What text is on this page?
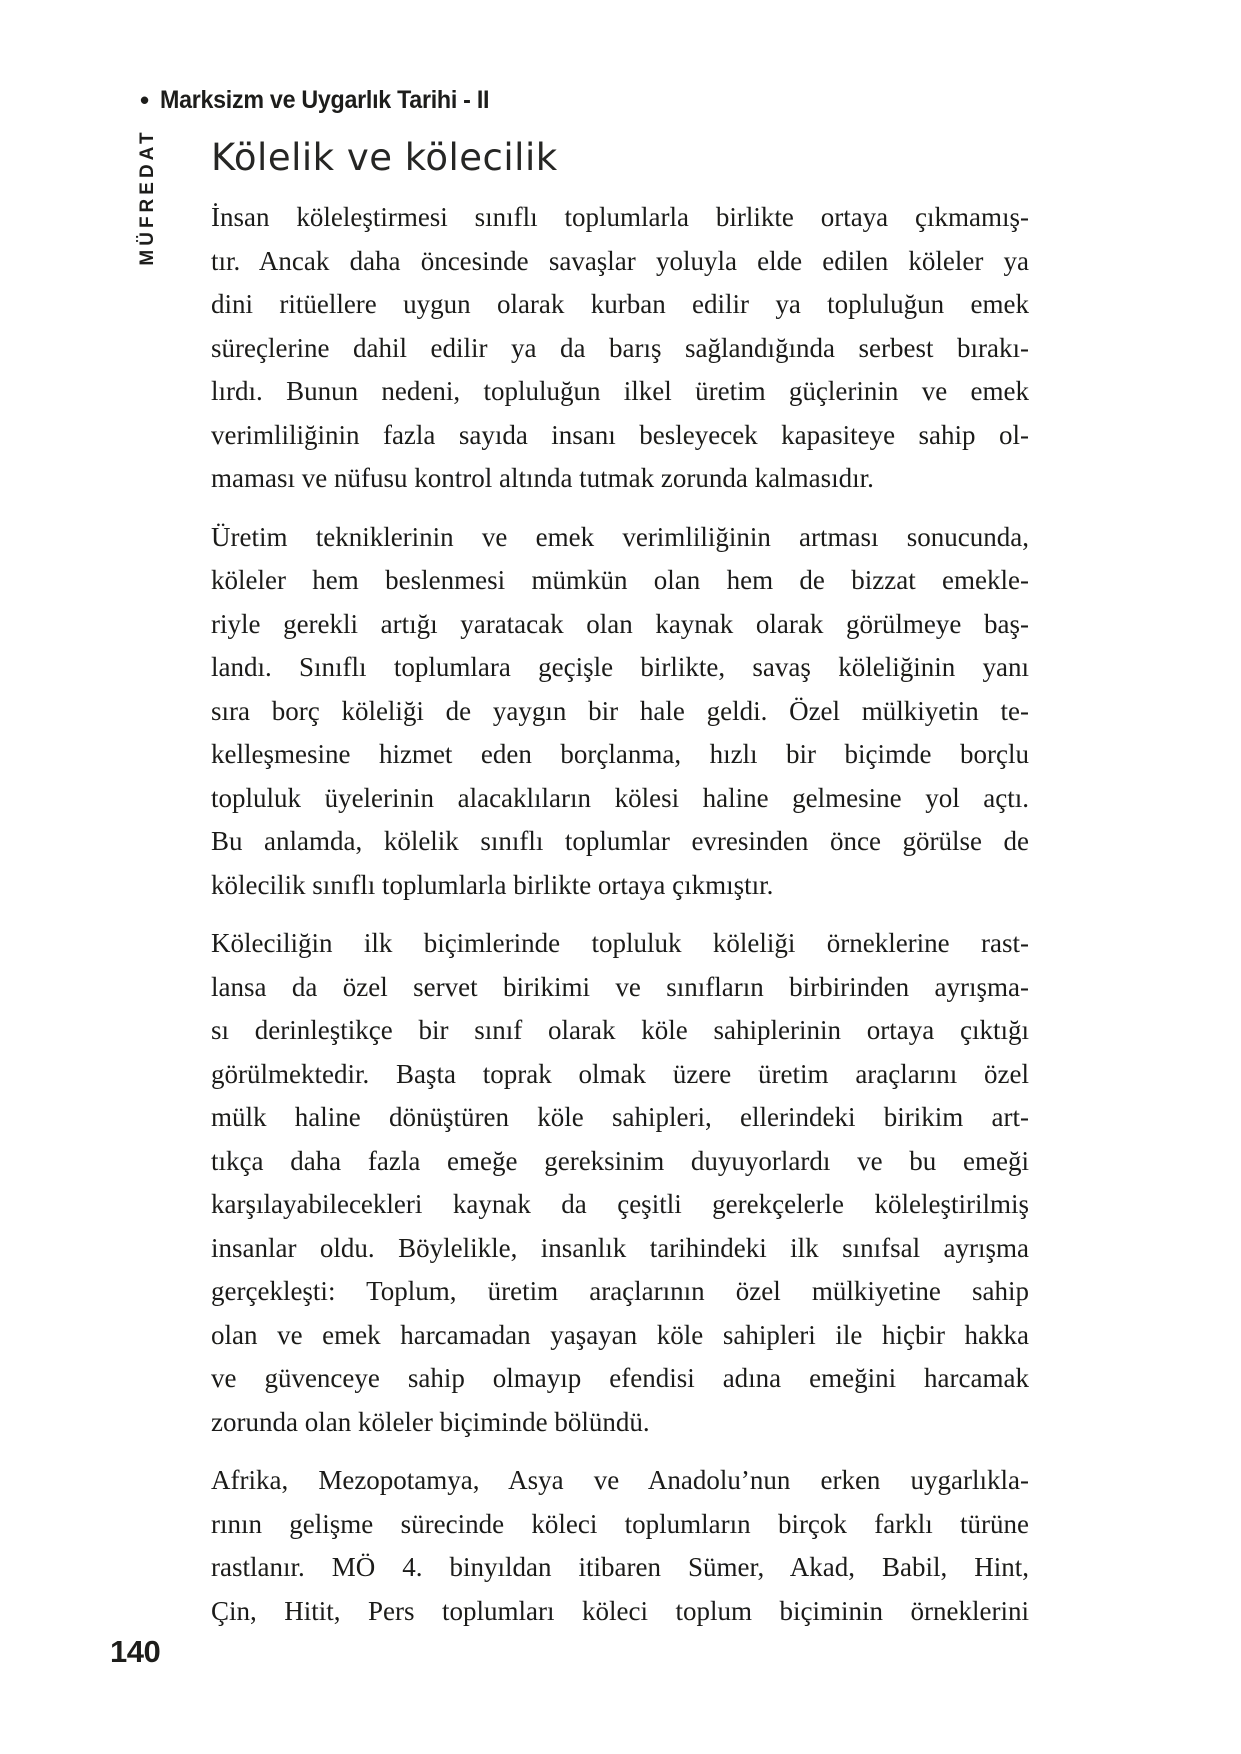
• Marksizm ve Uygarlık Tarihi - II
MÜFREDAT Kölelik ve kölecilik
İnsan köleleştirmesi sınıflı toplumlarla birlikte ortaya çıkmamış-
tır. Ancak daha öncesinde savaşlar yoluyla elde edilen köleler ya
dini ritüellere uygun olarak kurban edilir ya topluluğun emek
süreçlerine dahil edilir ya da barış sağlandığında serbest bırakı-
lırdı. Bunun nedeni, topluluğun ilkel üretim güçlerinin ve emek
verimliliğinin fazla sayıda insanı besleyecek kapasiteye sahip ol-
maması ve nüfusu kontrol altında tutmak zorunda kalmasıdır.
Üretim tekniklerinin ve emek verimliliğinin artması sonucunda,
köleler hem beslenmesi mümkün olan hem de bizzat emekle-
riyle gerekli artığı yaratacak olan kaynak olarak görülmeye baş-
landı. Sınıflı toplumlara geçişle birlikte, savaş köleliğinin yanı
sıra borç köleliği de yaygın bir hale geldi. Özel mülkiyetin te-
kelleşmesine hizmet eden borçlanma, hızlı bir biçimde borçlu
topluluk üyelerinin alacaklıların kölesi haline gelmesine yol açtı.
Bu anlamda, kölelik sınıflı toplumlar evresinden önce görülse de
kölecilik sınıflı toplumlarla birlikte ortaya çıkmıştır.
Köleciliğin ilk biçimlerinde topluluk köleliği örneklerine rast-
lansa da özel servet birikimi ve sınıfların birbirinden ayrışma-
sı derinleştikçe bir sınıf olarak köle sahiplerinin ortaya çıktığı
görülmektedir. Başta toprak olmak üzere üretim araçlarını özel
mülk haline dönüştüren köle sahipleri, ellerindeki birikim art-
tıkça daha fazla emeğe gereksinim duyuyorlardı ve bu emeği
karşılayabilecekleri kaynak da çeşitli gerekçelerle köleleştirilmiş
insanlar oldu. Böylelikle, insanlık tarihindeki ilk sınıfsal ayrışma
gerçekleşti: Toplum, üretim araçlarının özel mülkiyetine sahip
olan ve emek harcamadan yaşayan köle sahipleri ile hiçbir hakka
ve güvenceye sahip olmayıp efendisi adına emeğini harcamak
zorunda olan köleler biçiminde bölündü.
Afrika, Mezopotamya, Asya ve Anadolu’nun erken uygarlıkla-
rının gelişme sürecinde köleci toplumların birçok farklı türüne
rastlanır. MÖ 4. binyıldan itibaren Sümer, Akad, Babil, Hint,
Çin, Hitit, Pers toplumları köleci toplum biçiminin örneklerini
140
